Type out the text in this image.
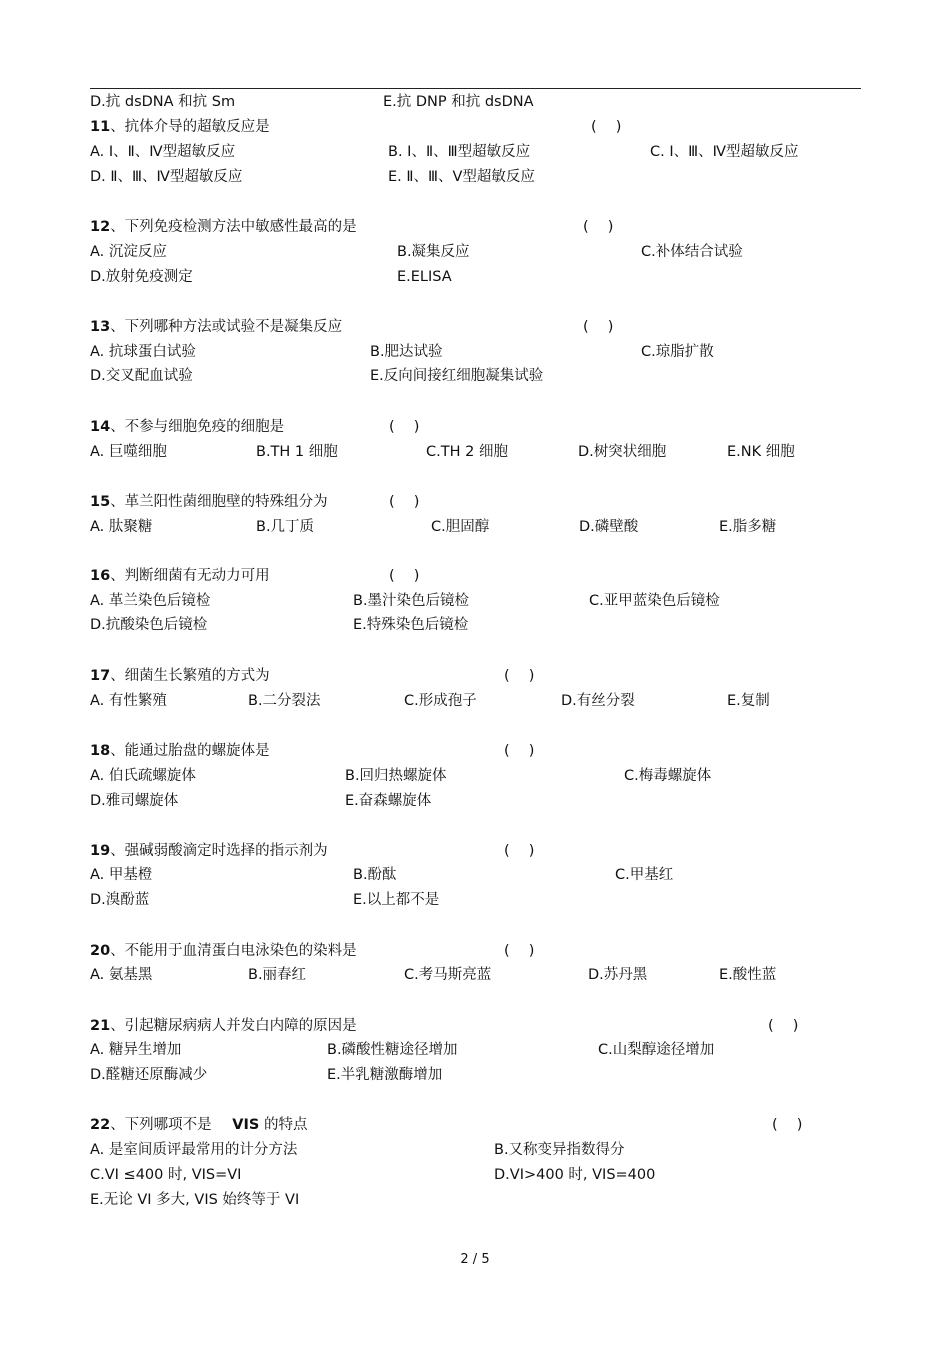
D.抗 dsDNA 和抗 Sm	E.抗 DNP 和抗 dsDNA
11、抗体介导的超敏反应是	(　 )
A. Ⅰ、Ⅱ、Ⅳ型超敏反应	B. Ⅰ、Ⅱ、Ⅲ型超敏反应	C. Ⅰ、Ⅲ、Ⅳ型超敏反应
D. Ⅱ、Ⅲ、Ⅳ型超敏反应	E. Ⅱ、Ⅲ、Ⅴ型超敏反应
12、下列免疫检测方法中敏感性最高的是	(　 )
A. 沉淀反应	B.凝集反应	C.补体结合试验
D.放射免疫测定	E.ELISA
13、下列哪种方法或试验不是凝集反应	(　 )
A. 抗球蛋白试验	B.肥达试验	C.琼脂扩散
D.交叉配血试验	E.反向间接红细胞凝集试验
14、不参与细胞免疫的细胞是	(　 )
A. 巨噬细胞	B.TH 1 细胞	C.TH 2 细胞	D.树突状细胞	E.NK 细胞
15、革兰阳性菌细胞壁的特殊组分为	(　 )
A. 肽聚糖	B.几丁质	C.胆固醇	D.磷壁酸	E.脂多糖
16、判断细菌有无动力可用	(　 )
A. 革兰染色后镜检	B.墨汁染色后镜检	C.亚甲蓝染色后镜检
D.抗酸染色后镜检	E.特殊染色后镜检
17、细菌生长繁殖的方式为	(　 )
A. 有性繁殖	B.二分裂法	C.形成孢子	D.有丝分裂	E.复制
18、能通过胎盘的螺旋体是	(　 )
A. 伯氏疏螺旋体	B.回归热螺旋体	C.梅毒螺旋体
D.雅司螺旋体	E.奋森螺旋体
19、强碱弱酸滴定时选择的指示剂为	(　 )
A. 甲基橙	B.酚酞	C.甲基红
D.溴酚蓝	E.以上都不是
20、不能用于血清蛋白电泳染色的染料是	(　 )
A. 氨基黑	B.丽春红	C.考马斯亮蓝	D.苏丹黑	E.酸性蓝
21、引起糖尿病病人并发白内障的原因是	(　 )
A. 糖异生增加	B.磷酸性糖途径增加	C.山梨醇途径增加
D.醛糖还原酶减少	E.半乳糖激酶增加
22、下列哪项不是 VIS 的特点	(　 )
A. 是室间质评最常用的计分方法	B.又称变异指数得分
C.VI ≤400 时, VIS=VI	D.VI>400 时, VIS=400
E.无论 VI 多大, VIS 始终等于 VI
2 / 5
